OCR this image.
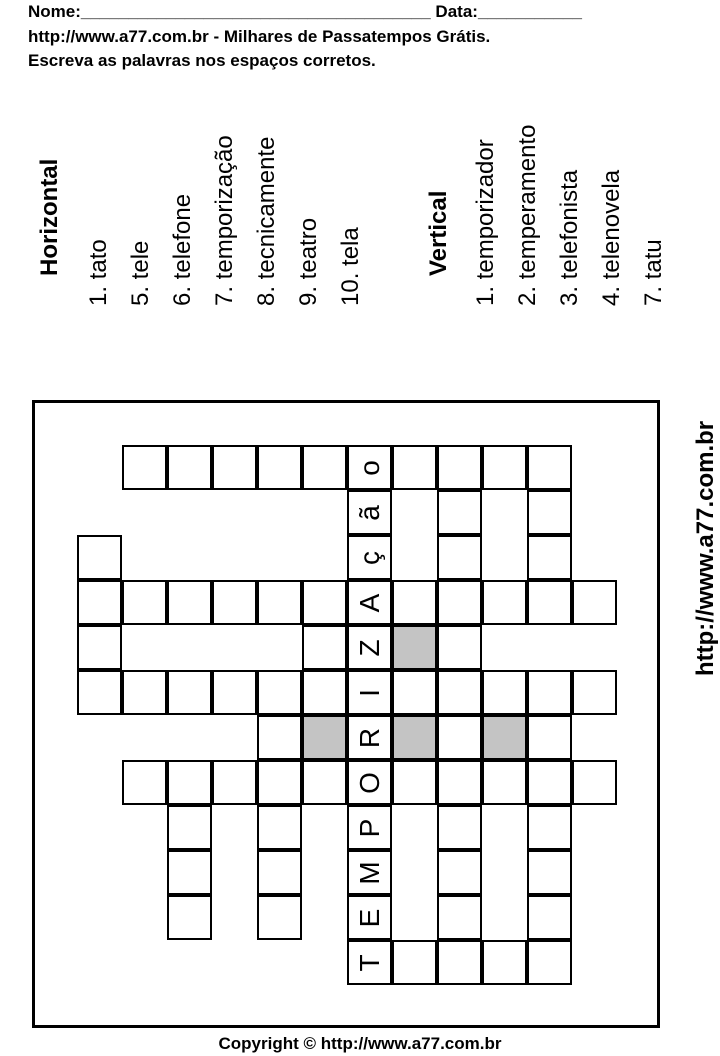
Nome:_____________________________________ Data:___________
http://www.a77.com.br - Milhares de Passatempos Grátis.
Escreva as palavras nos espaços corretos.
Horizontal 1. tato 5. tele 6. telefone 7. temporização 8. tecnicamente 9. teatro 10. tela	Vertical 1. temporizador 2. temperamento 3. telefonista 4. telenovela 7. tatu
o
ã
ç
A
Z
I
R
O
P
M
E
T
http://www.a77.com.br
Copyright © http://www.a77.com.br
